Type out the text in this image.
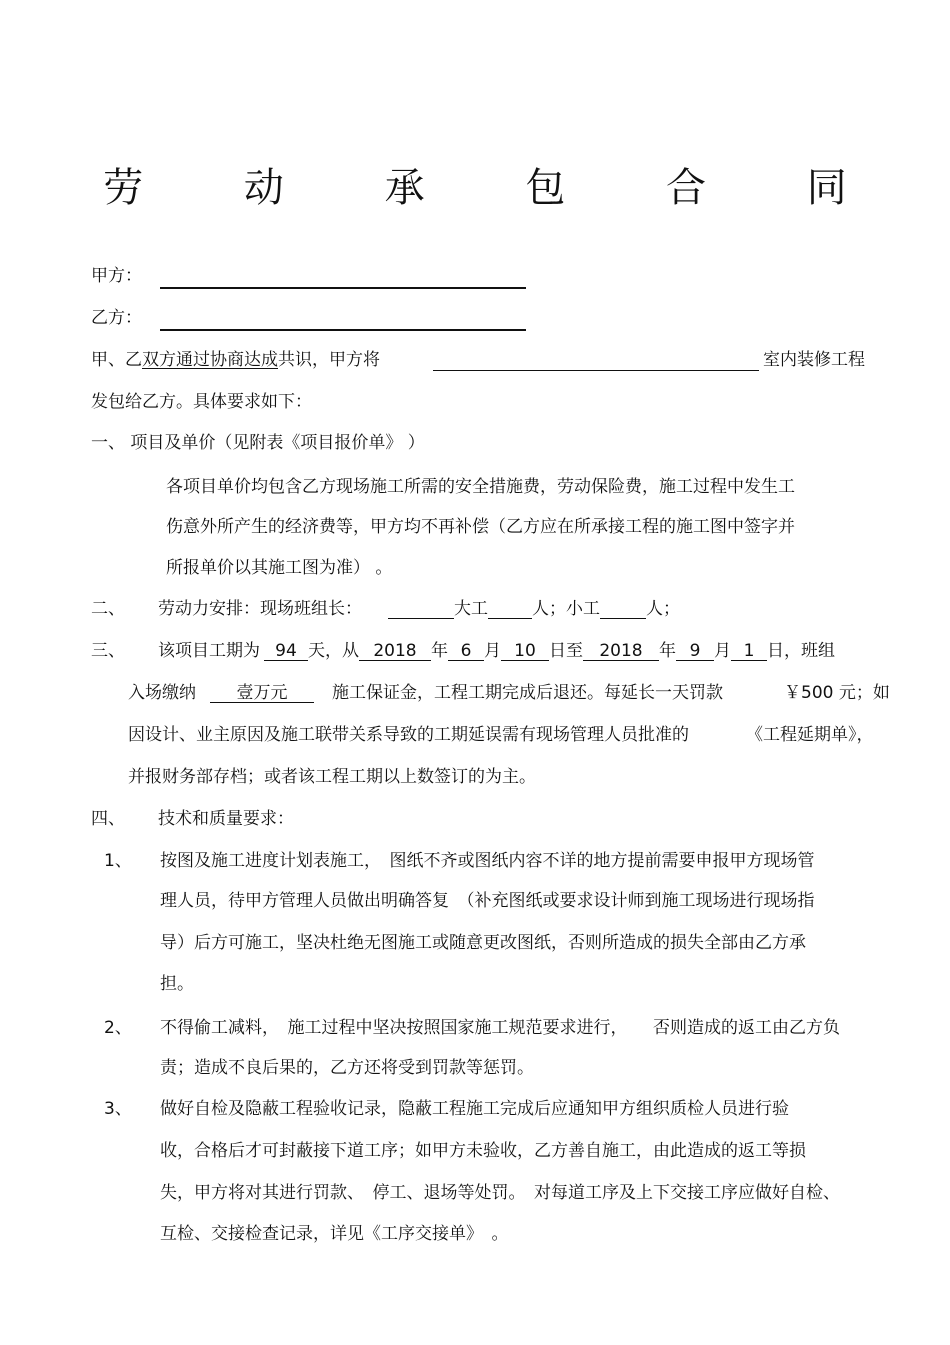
劳 动 承 包 合 同
甲方：
乙方：
甲、乙双方通过协商达成共识，甲方将	室内装修工程
发包给乙方。具体要求如下：
一、 项目及单价（见附表《项目报价单》 ）
各项目单价均包含乙方现场施工所需的安全措施费，劳动保险费，施工过程中发生工
伤意外所产生的经济费等，甲方均不再补偿（乙方应在所承接工程的施工图中签字并
所报单价以其施工图为准） 。
二、 劳动力安排：现场班组长：	大工	人；小工	人；
三、 该项目工期为 94 天，从 2018 年 6 月 10 日至 2018 年 9 月 1 日，班组
入场缴纳 壹万元	施工保证金，工程工期完成后退还。每延长一天罚款	￥500 元；如
因设计、业主原因及施工联带关系导致的工期延误需有现场管理人员批准的	《工程延期单》，
并报财务部存档；或者该工程工期以上数签订的为主。
四、 技术和质量要求：
1、 按图及施工进度计划表施工，　图纸不齐或图纸内容不详的地方提前需要申报甲方现场管
理人员，待甲方管理人员做出明确答复　（补充图纸或要求设计师到施工现场进行现场指
导）后方可施工，坚决杜绝无图施工或随意更改图纸，否则所造成的损失全部由乙方承
担。
2、 不得偷工减料，　施工过程中坚决按照国家施工规范要求进行，　　否则造成的返工由乙方负
责；造成不良后果的，乙方还将受到罚款等惩罚。
3、 做好自检及隐蔽工程验收记录，隐蔽工程施工完成后应通知甲方组织质检人员进行验
收，合格后才可封蔽接下道工序；如甲方未验收，乙方善自施工，由此造成的返工等损
失，甲方将对其进行罚款、　停工、退场等处罚。　对每道工序及上下交接工序应做好自检、
互检、交接检查记录，详见《工序交接单》　。
